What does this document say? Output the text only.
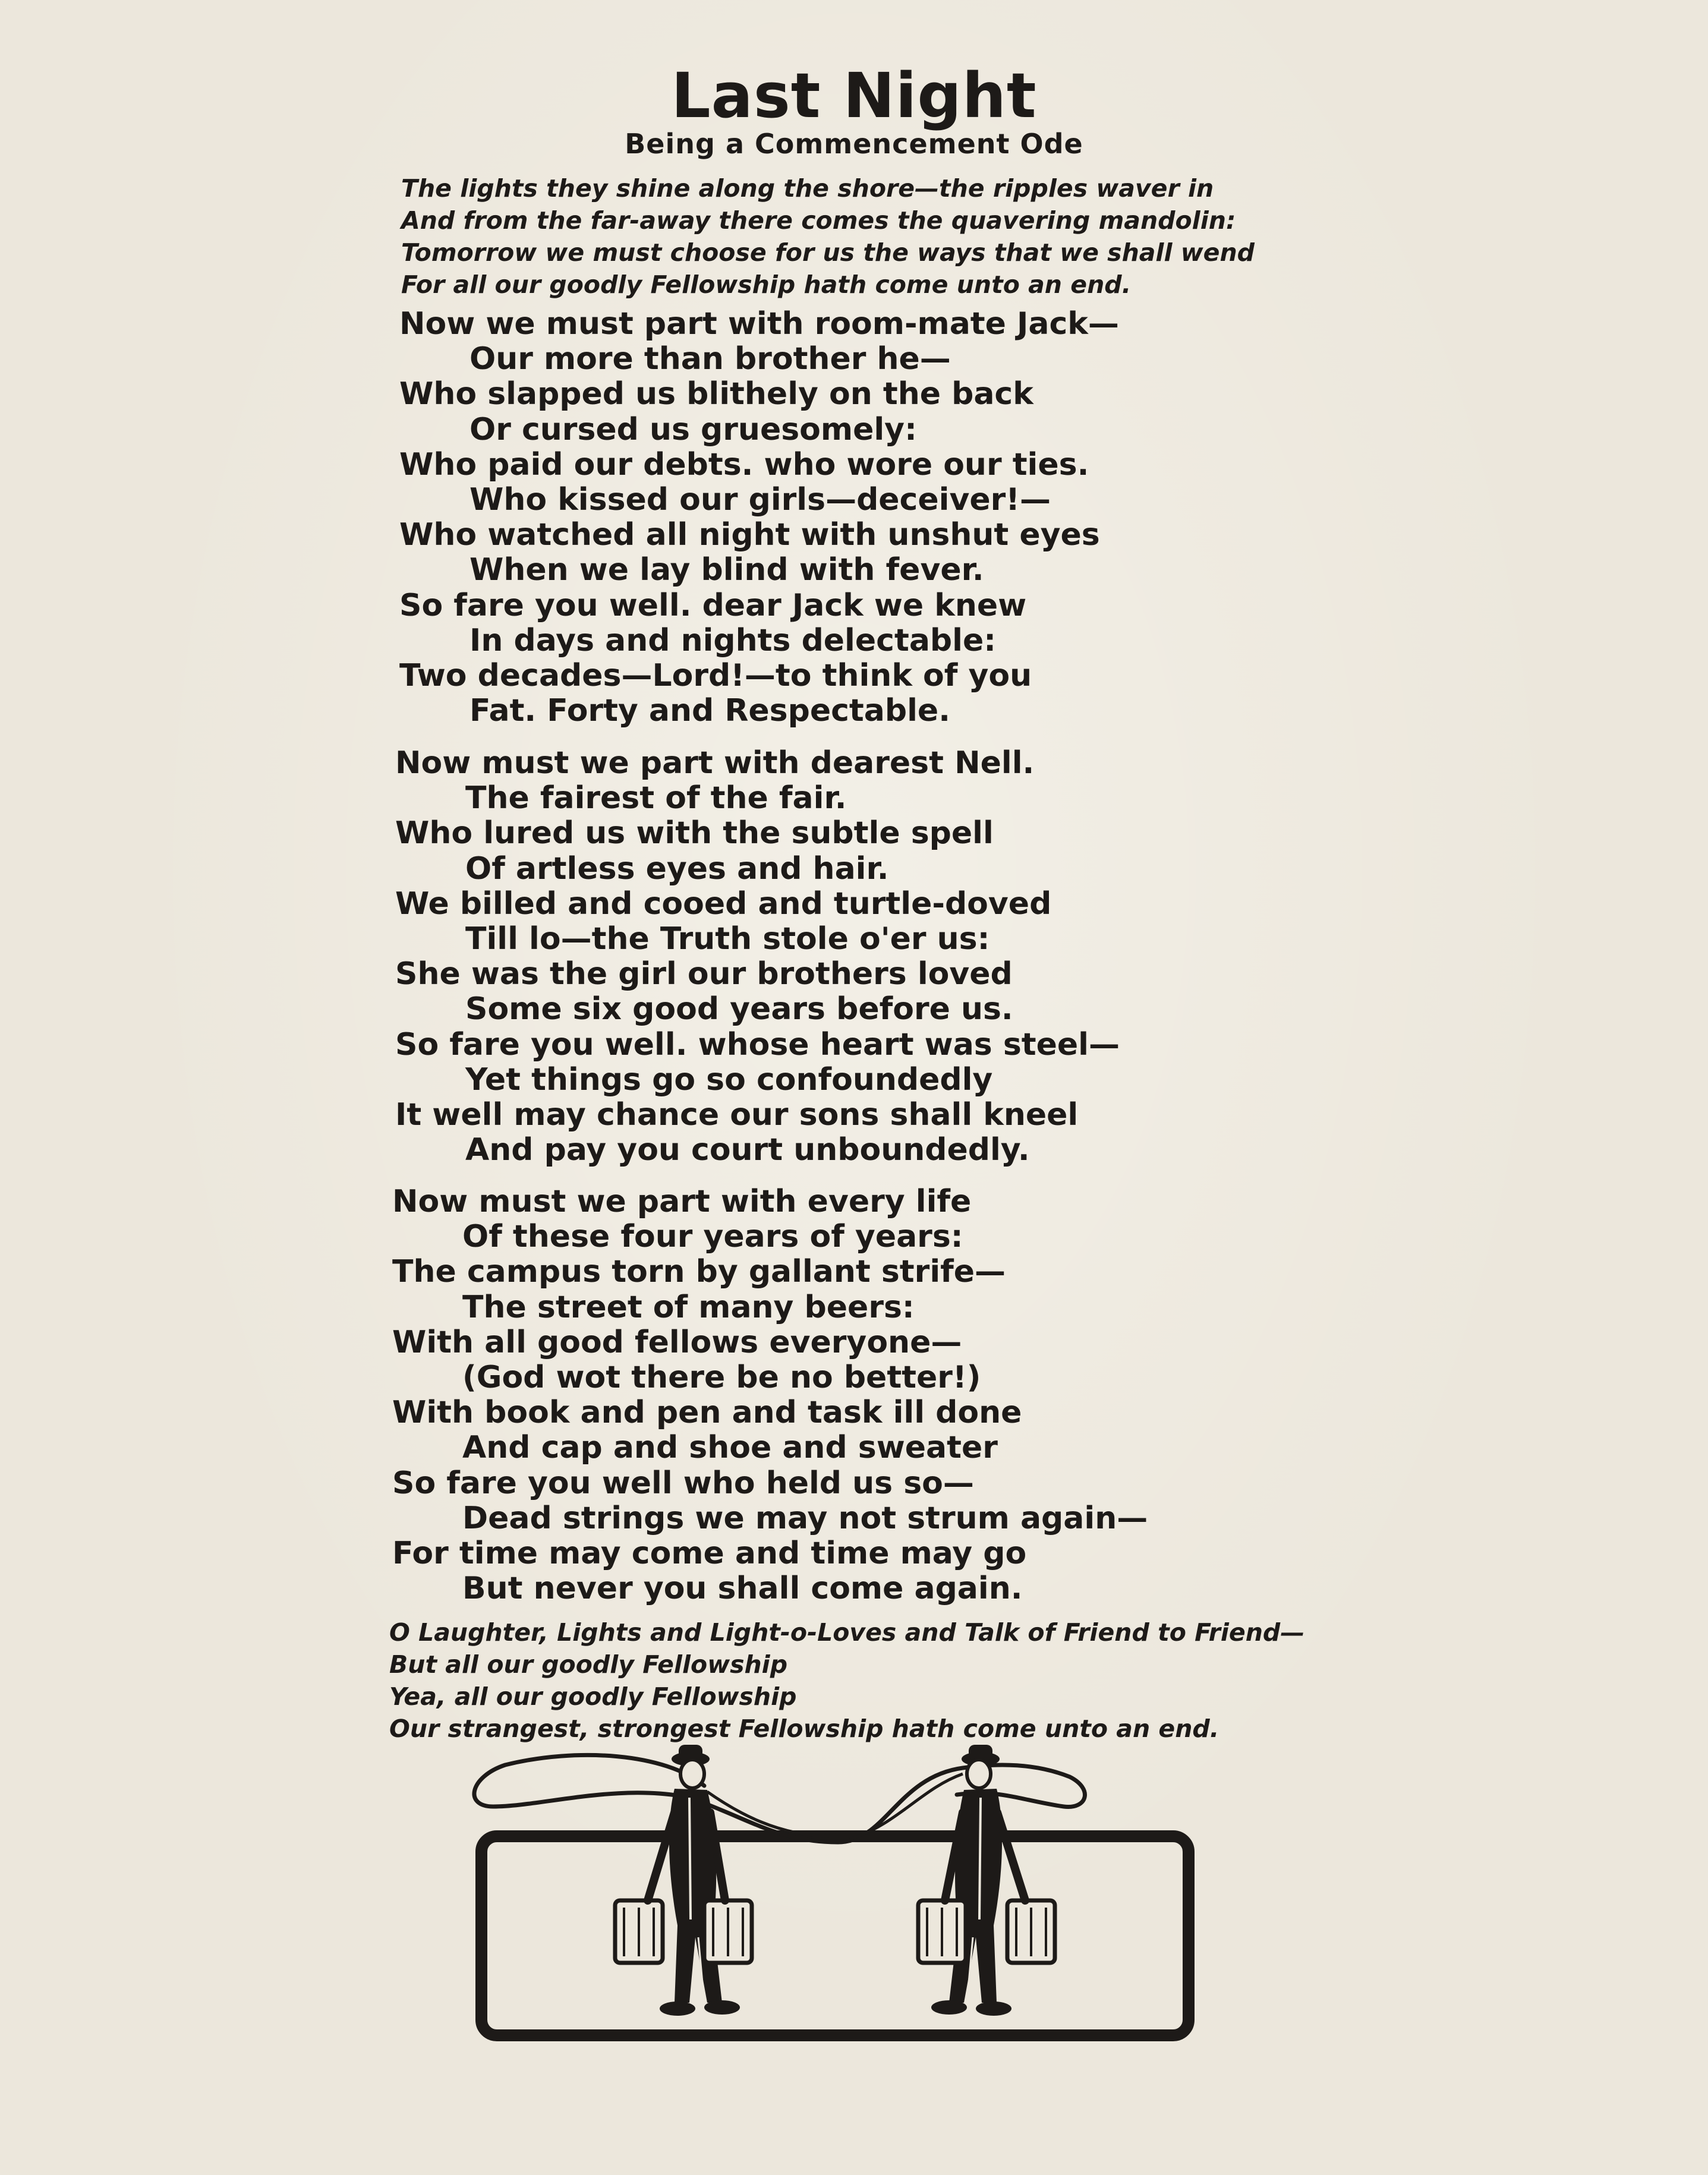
Last Night
Being a Commencement Ode
The lights they shine along the shore—the ripples waver in
And from the far-away there comes the quavering mandolin:
Tomorrow we must choose for us the ways that we shall wend
For all our goodly Fellowship hath come unto an end.
Now we must part with room-mate Jack—
Our more than brother he—
Who slapped us blithely on the back
Or cursed us gruesomely:
Who paid our debts. who wore our ties.
Who kissed our girls—deceiver!—
Who watched all night with unshut eyes
When we lay blind with fever.
So fare you well. dear Jack we knew
In days and nights delectable:
Two decades—Lord!—to think of you
Fat. Forty and Respectable.
Now must we part with dearest Nell.
The fairest of the fair.
Who lured us with the subtle spell
Of artless eyes and hair.
We billed and cooed and turtle-doved
Till lo—the Truth stole o'er us:
She was the girl our brothers loved
Some six good years before us.
So fare you well. whose heart was steel—
Yet things go so confoundedly
It well may chance our sons shall kneel
And pay you court unboundedly.
Now must we part with every life
Of these four years of years:
The campus torn by gallant strife—
The street of many beers:
With all good fellows everyone—
(God wot there be no better!)
With book and pen and task ill done
And cap and shoe and sweater
So fare you well who held us so—
Dead strings we may not strum again—
For time may come and time may go
But never you shall come again.
O Laughter, Lights and Light-o-Loves and Talk of Friend to Friend—
But all our goodly Fellowship
Yea, all our goodly Fellowship
Our strangest, strongest Fellowship hath come unto an end.
